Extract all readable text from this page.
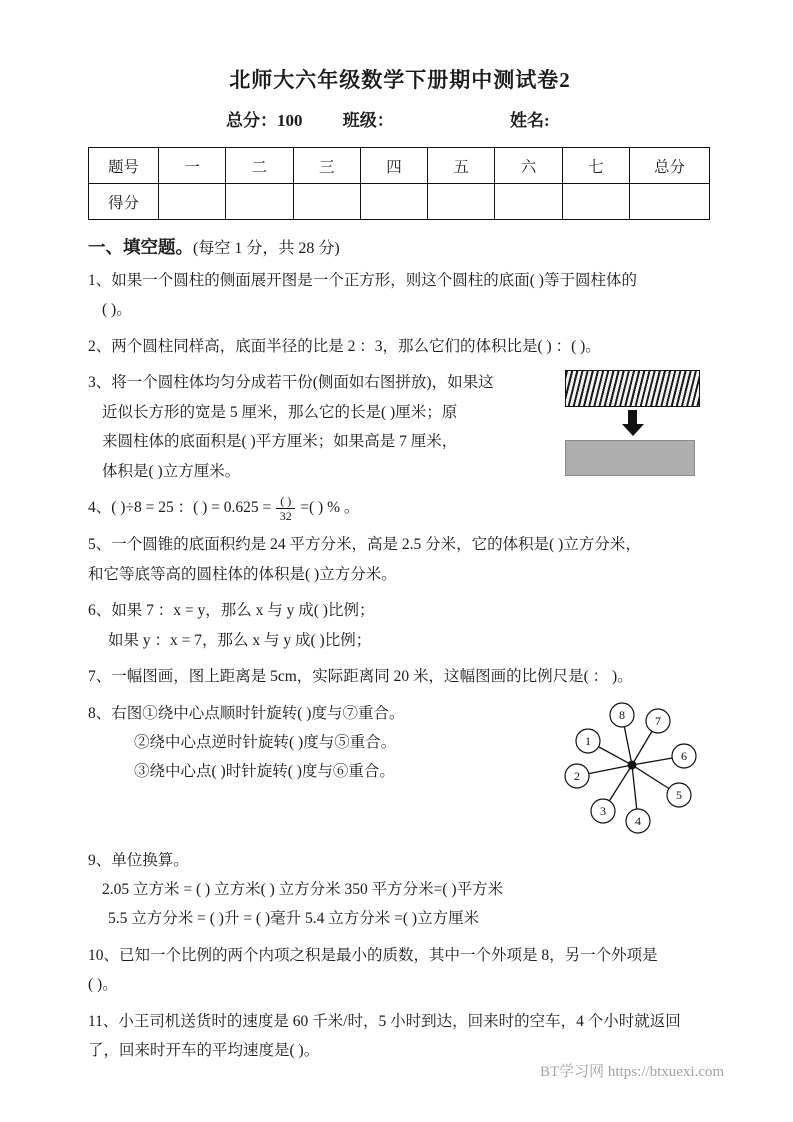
北师大六年级数学下册期中测试卷2
总分：100 班级：	姓名:
题号	一	二	三	四	五	六	七	总分
得分								
一、填空题。(每空 1 分，共 28 分)
1、如果一个圆柱的侧面展开图是一个正方形，则这个圆柱的底面( )等于圆柱体的
( )。
2、两个圆柱同样高，底面半径的比是 2 ：3，那么它们的体积比是( ) ：( )。
3、将一个圆柱体均匀分成若干份(侧面如右图拼放)，如果这
近似长方形的宽是 5 厘米，那么它的长是( )厘米；原
来圆柱体的底面积是( )平方厘米；如果高是 7 厘米，
体积是( )立方厘米。
4、( )÷8 = 25 ：( ) = $0.625 = \frac{( )}{32}$ =( ) % 。
5、一个圆锥的底面积约是 24 平方分米，高是 2.5 分米，它的体积是( )立方分米，
和它等底等高的圆柱体的体积是( )立方分米。
6、如果 7 ：x = y，那么 x 与 y 成( )比例；
如果 y ：x = 7，那么 x 与 y 成( )比例；
7、一幅图画，图上距离是 5cm，实际距离同 20 米，这幅图画的比例尺是( ： )。
8、右图①绕中心点顺时针旋转( )度与⑦重合。
②绕中心点逆时针旋转( )度与⑤重合。
③绕中心点( )时针旋转( )度与⑥重合。
1
2
3
4
5
6
7
8
9、单位换算。
2.05 立方米 = ( ) 立方米( ) 立方分米 350 平方分米=( )平方米
5.5 立方分米 = ( )升 = ( )毫升 5.4 立方分米 =( )立方厘米
10、已知一个比例的两个内项之积是最小的质数，其中一个外项是 8，另一个外项是
( )。
11、小王司机送货时的速度是 60 千米/时，5 小时到达，回来时的空车，4 个小时就返回
了，回来时开车的平均速度是( )。
BT学习网 https://btxuexi.com
